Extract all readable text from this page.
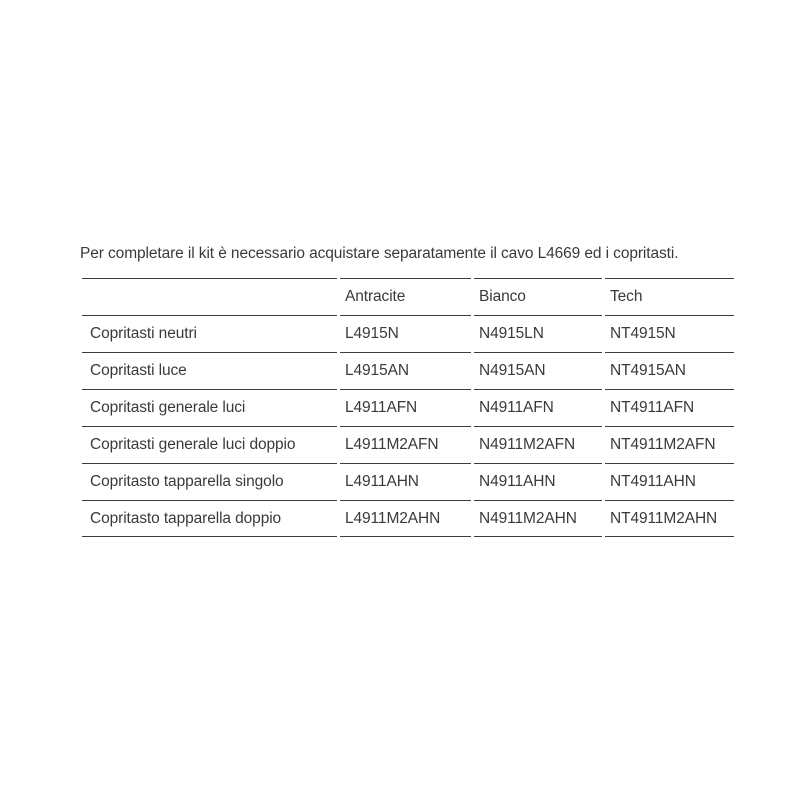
Per completare il kit è necessario acquistare separatamente il cavo L4669 ed i copritasti.

	Antracite	Bianco	Tech
Copritasti neutri	L4915N	N4915LN	NT4915N
Copritasti luce	L4915AN	N4915AN	NT4915AN
Copritasti generale luci	L4911AFN	N4911AFN	NT4911AFN
Copritasti generale luci doppio	L4911M2AFN	N4911M2AFN	NT4911M2AFN
Copritasto tapparella singolo	L4911AHN	N4911AHN	NT4911AHN
Copritasto tapparella doppio	L4911M2AHN	N4911M2AHN	NT4911M2AHN
